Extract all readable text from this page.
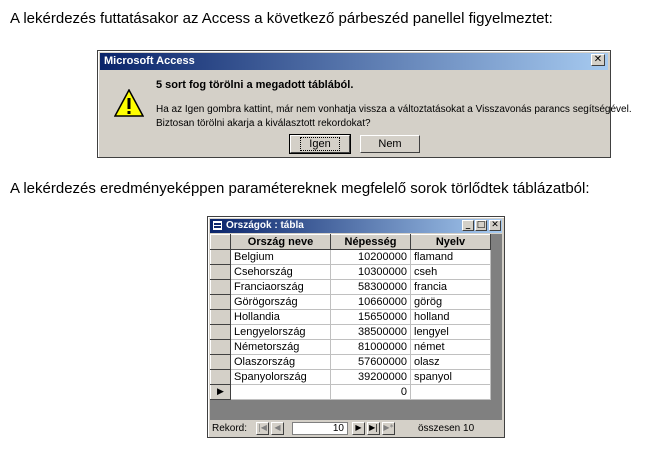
A lekérdezés futtatásakor az Access a következő párbeszéd panellel figyelmeztet:
Microsoft Access	✕
5 sort fog törölni a megadott táblából.
Ha az Igen gombra kattint, már nem vonhatja vissza a változtatásokat a Visszavonás parancs segítségével.
Biztosan törölni akarja a kiválasztott rekordokat?
Igen	Nem
A lekérdezés eredményeképpen paramétereknek megfelelő sorok törlődtek táblázatból:
Országok : tábla	_ □ ✕
	Ország neve	Népesség	Nyelv
	Belgium	10200000	flamand
	Csehország	10300000	cseh
	Franciaország	58300000	francia
	Görögország	10660000	görög
	Hollandia	15650000	holland
	Lengyelország	38500000	lengyel
	Németország	81000000	német
	Olaszország	57600000	olasz
	Spanyolország	39200000	spanyol
▶		0	
Rekord: |◀ ◀	10	▶ ▶| ▶* összesen 10
